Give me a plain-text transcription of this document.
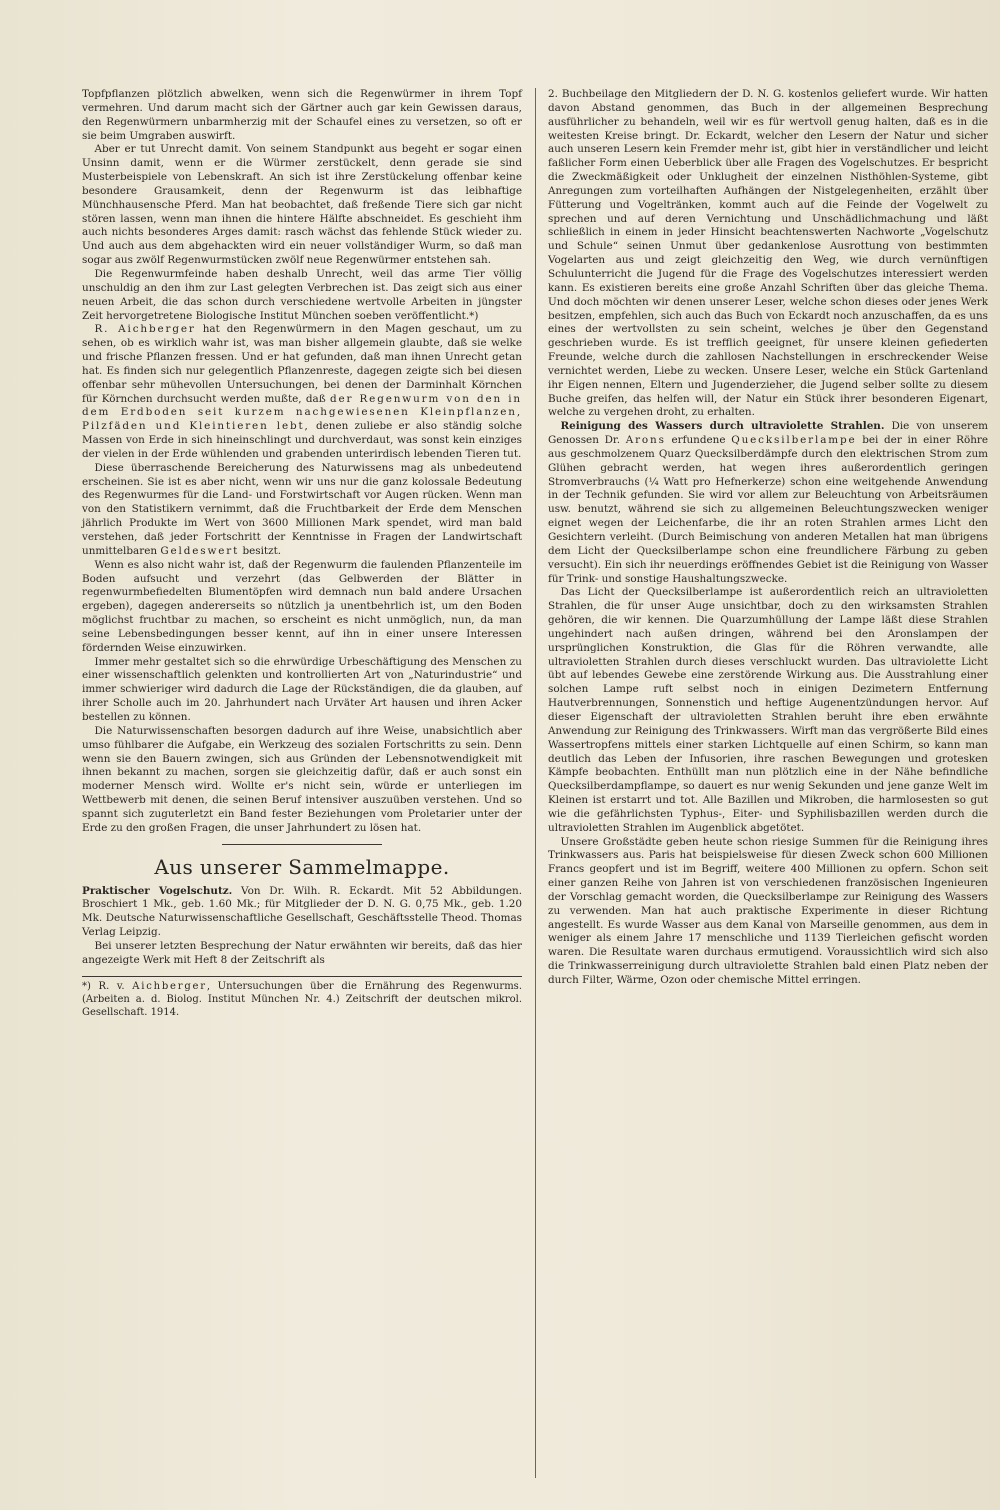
Topfpflanzen plötzlich abwelken, wenn sich die Regenwürmer in ihrem Topf vermehren. Und darum macht sich der Gärtner auch gar kein Gewissen daraus, den Regenwürmern unbarmherzig mit der Schaufel eines zu versetzen, so oft er sie beim Umgraben auswirft.

Aber er tut Unrecht damit. Von seinem Standpunkt aus begeht er sogar einen Unsinn damit, wenn er die Würmer zerstückelt, denn gerade sie sind Musterbeispiele von Lebenskraft. An sich ist ihre Zerstückelung offenbar keine besondere Grausamkeit, denn der Regenwurm ist das leibhaftige Münchhausensche Pferd. Man hat beobachtet, daß freßende Tiere sich gar nicht stören lassen, wenn man ihnen die hintere Hälfte abschneidet. Es geschieht ihm auch nichts besonderes Arges damit: rasch wächst das fehlende Stück wieder zu. Und auch aus dem abgehackten wird ein neuer vollständiger Wurm, so daß man sogar aus zwölf Regenwurmstücken zwölf neue Regenwürmer entstehen sah.

Die Regenwurmfeinde haben deshalb Unrecht, weil das arme Tier völlig unschuldig an den ihm zur Last gelegten Verbrechen ist. Das zeigt sich aus einer neuen Arbeit, die das schon durch verschiedene wertvolle Arbeiten in jüngster Zeit hervorgetretene Biologische Institut München soeben veröffentlicht.*)

R. Aichberger hat den Regenwürmern in den Magen geschaut, um zu sehen, ob es wirklich wahr ist, was man bisher allgemein glaubte, daß sie welke und frische Pflanzen fressen. Und er hat gefunden, daß man ihnen Unrecht getan hat. Es finden sich nur gelegentlich Pflanzenreste, dagegen zeigte sich bei diesen offenbar sehr mühevollen Untersuchungen, bei denen der Darminhalt Körnchen für Körnchen durchsucht werden mußte, daß der Regenwurm von den in dem Erdboden seit kurzem nachgewiesenen Kleinpflanzen, Pilzfäden und Kleintieren lebt, denen zuliebe er also ständig solche Massen von Erde in sich hineinschlingt und durchverdaut, was sonst kein einziges der vielen in der Erde wühlenden und grabenden unterirdisch lebenden Tieren tut.

Diese überraschende Bereicherung des Naturwissens mag als unbedeutend erscheinen. Sie ist es aber nicht, wenn wir uns nur die ganz kolossale Bedeutung des Regenwurmes für die Land- und Forstwirtschaft vor Augen rücken. Wenn man von den Statistikern vernimmt, daß die Fruchtbarkeit der Erde dem Menschen jährlich Produkte im Wert von 3600 Millionen Mark spendet, wird man bald verstehen, daß jeder Fortschritt der Kenntnisse in Fragen der Landwirtschaft unmittelbaren Geldeswert besitzt.

Wenn es also nicht wahr ist, daß der Regenwurm die faulenden Pflanzenteile im Boden aufsucht und verzehrt (das Gelbwerden der Blätter in regenwurmbefiedelten Blumentöpfen wird demnach nun bald andere Ursachen ergeben), dagegen andererseits so nützlich ja unentbehrlich ist, um den Boden möglichst fruchtbar zu machen, so erscheint es nicht unmöglich, nun, da man seine Lebensbedingungen besser kennt, auf ihn in einer unsere Interessen fördernden Weise einzuwirken.

Immer mehr gestaltet sich so die ehrwürdige Urbeschäftigung des Menschen zu einer wissenschaftlich gelenkten und kontrollierten Art von „Naturindustrie“ und immer schwieriger wird dadurch die Lage der Rückständigen, die da glauben, auf ihrer Scholle auch im 20. Jahrhundert nach Urväter Art hausen und ihren Acker bestellen zu können.

Die Naturwissenschaften besorgen dadurch auf ihre Weise, unabsichtlich aber umso fühlbarer die Aufgabe, ein Werkzeug des sozialen Fortschritts zu sein. Denn wenn sie den Bauern zwingen, sich aus Gründen der Lebensnotwendigkeit mit ihnen bekannt zu machen, sorgen sie gleichzeitig dafür, daß er auch sonst ein moderner Mensch wird. Wollte er's nicht sein, würde er unterliegen im Wettbewerb mit denen, die seinen Beruf intensiver auszuüben verstehen. Und so spannt sich zuguterletzt ein Band fester Beziehungen vom Proletarier unter der Erde zu den großen Fragen, die unser Jahrhundert zu lösen hat.

Aus unserer Sammelmappe.

Praktischer Vogelschutz. Von Dr. Wilh. R. Eckardt. Mit 52 Abbildungen. Broschiert 1 Mk., geb. 1.60 Mk.; für Mitglieder der D. N. G. 0,75 Mk., geb. 1.20 Mk. Deutsche Naturwissenschaftliche Gesellschaft, Geschäftsstelle Theod. Thomas Verlag Leipzig.

Bei unserer letzten Besprechung der Natur erwähnten wir bereits, daß das hier angezeigte Werk mit Heft 8 der Zeitschrift als

*) R. v. Aichberger, Untersuchungen über die Ernährung des Regenwurms. (Arbeiten a. d. Biolog. Institut München Nr. 4.) Zeitschrift der deutschen mikrol. Gesellschaft. 1914.

2. Buchbeilage den Mitgliedern der D. N. G. kostenlos geliefert wurde. Wir hatten davon Abstand genommen, das Buch in der allgemeinen Besprechung ausführlicher zu behandeln, weil wir es für wertvoll genug halten, daß es in die weitesten Kreise bringt. Dr. Eckardt, welcher den Lesern der Natur und sicher auch unseren Lesern kein Fremder mehr ist, gibt hier in verständlicher und leicht faßlicher Form einen Ueberblick über alle Fragen des Vogelschutzes. Er bespricht die Zweckmäßigkeit oder Unklugheit der einzelnen Nisthöhlen-Systeme, gibt Anregungen zum vorteilhaften Aufhängen der Nistgelegenheiten, erzählt über Fütterung und Vogeltränken, kommt auch auf die Feinde der Vogelwelt zu sprechen und auf deren Vernichtung und Unschädlichmachung und läßt schließlich in einem in jeder Hinsicht beachtenswerten Nachworte „Vogelschutz und Schule“ seinen Unmut über gedankenlose Ausrottung von bestimmten Vogelarten aus und zeigt gleichzeitig den Weg, wie durch vernünftigen Schulunterricht die Jugend für die Frage des Vogelschutzes interessiert werden kann. Es existieren bereits eine große Anzahl Schriften über das gleiche Thema. Und doch möchten wir denen unserer Leser, welche schon dieses oder jenes Werk besitzen, empfehlen, sich auch das Buch von Eckardt noch anzuschaffen, da es uns eines der wertvollsten zu sein scheint, welches je über den Gegenstand geschrieben wurde. Es ist trefflich geeignet, für unsere kleinen gefiederten Freunde, welche durch die zahllosen Nachstellungen in erschreckender Weise vernichtet werden, Liebe zu wecken. Unsere Leser, welche ein Stück Gartenland ihr Eigen nennen, Eltern und Jugenderzieher, die Jugend selber sollte zu diesem Buche greifen, das helfen will, der Natur ein Stück ihrer besonderen Eigenart, welche zu vergehen droht, zu erhalten.

Reinigung des Wassers durch ultraviolette Strahlen. Die von unserem Genossen Dr. Arons erfundene Quecksilberlampe bei der in einer Röhre aus geschmolzenem Quarz Quecksilberdämpfe durch den elektrischen Strom zum Glühen gebracht werden, hat wegen ihres außerordentlich geringen Stromverbrauchs (¼ Watt pro Hefnerkerze) schon eine weitgehende Anwendung in der Technik gefunden. Sie wird vor allem zur Beleuchtung von Arbeitsräumen usw. benutzt, während sie sich zu allgemeinen Beleuchtungszwecken weniger eignet wegen der Leichenfarbe, die ihr an roten Strahlen armes Licht den Gesichtern verleiht. (Durch Beimischung von anderen Metallen hat man übrigens dem Licht der Quecksilberlampe schon eine freundlichere Färbung zu geben versucht). Ein sich ihr neuerdings eröffnendes Gebiet ist die Reinigung von Wasser für Trink- und sonstige Haushaltungszwecke.

Das Licht der Quecksilberlampe ist außerordentlich reich an ultravioletten Strahlen, die für unser Auge unsichtbar, doch zu den wirksamsten Strahlen gehören, die wir kennen. Die Quarzumhüllung der Lampe läßt diese Strahlen ungehindert nach außen dringen, während bei den Aronslampen der ursprünglichen Konstruktion, die Glas für die Röhren verwandte, alle ultravioletten Strahlen durch dieses verschluckt wurden. Das ultraviolette Licht übt auf lebendes Gewebe eine zerstörende Wirkung aus. Die Ausstrahlung einer solchen Lampe ruft selbst noch in einigen Dezimetern Entfernung Hautverbrennungen, Sonnenstich und heftige Augenentzündungen hervor. Auf dieser Eigenschaft der ultravioletten Strahlen beruht ihre eben erwähnte Anwendung zur Reinigung des Trinkwassers. Wirft man das vergrößerte Bild eines Wassertropfens mittels einer starken Lichtquelle auf einen Schirm, so kann man deutlich das Leben der Infusorien, ihre raschen Bewegungen und grotesken Kämpfe beobachten. Enthüllt man nun plötzlich eine in der Nähe befindliche Quecksilberdampflampe, so dauert es nur wenig Sekunden und jene ganze Welt im Kleinen ist erstarrt und tot. Alle Bazillen und Mikroben, die harmlosesten so gut wie die gefährlichsten Typhus-, Eiter- und Syphilisbazillen werden durch die ultravioletten Strahlen im Augenblick abgetötet.

Unsere Großstädte geben heute schon riesige Summen für die Reinigung ihres Trinkwassers aus. Paris hat beispielsweise für diesen Zweck schon 600 Millionen Francs geopfert und ist im Begriff, weitere 400 Millionen zu opfern. Schon seit einer ganzen Reihe von Jahren ist von verschiedenen französischen Ingenieuren der Vorschlag gemacht worden, die Quecksilberlampe zur Reinigung des Wassers zu verwenden. Man hat auch praktische Experimente in dieser Richtung angestellt. Es wurde Wasser aus dem Kanal von Marseille genommen, aus dem in weniger als einem Jahre 17 menschliche und 1139 Tierleichen gefischt worden waren. Die Resultate waren durchaus ermutigend. Voraussichtlich wird sich also die Trinkwasserreinigung durch ultraviolette Strahlen bald einen Platz neben der durch Filter, Wärme, Ozon oder chemische Mittel erringen.
